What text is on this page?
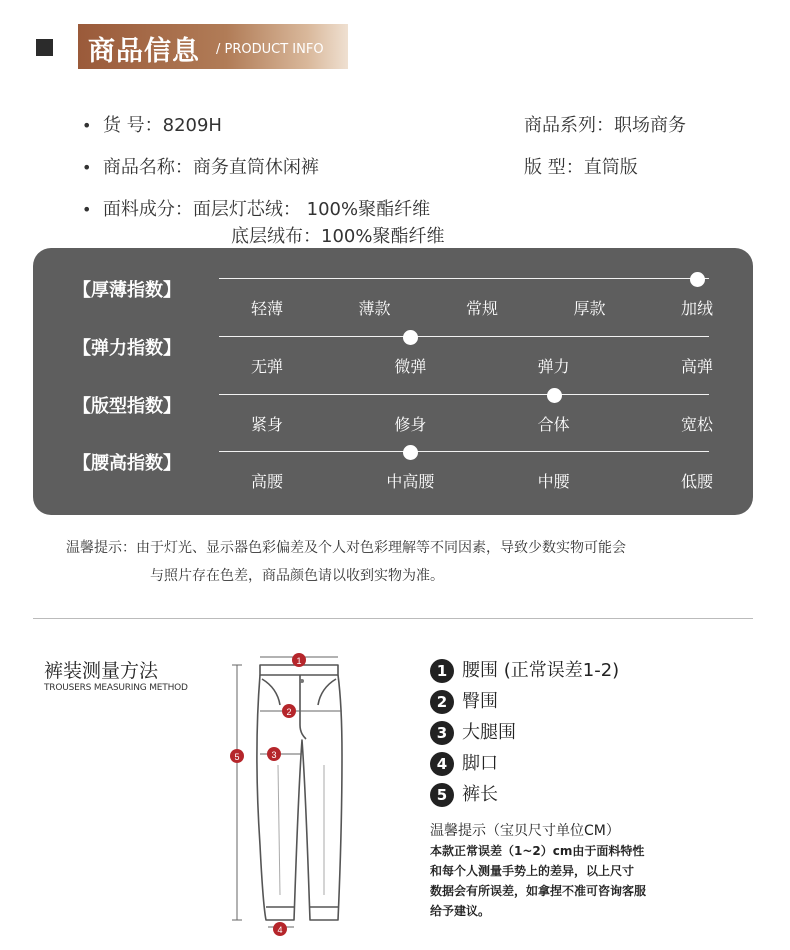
商品信息 / PRODUCT INFO
• 货 号：8209H	商品系列：职场商务
• 商品名称：商务直筒休闲裤	版 型：直筒版
• 面料成分：面层灯芯绒： 100%聚酯纤维
底层绒布：100%聚酯纤维
【厚薄指数】
轻薄	薄款	常规	厚款	加绒
【弹力指数】
无弹	微弹	弹力	高弹
【版型指数】
紧身	修身	合体	宽松
【腰高指数】
高腰	中高腰	中腰	低腰
温馨提示：由于灯光、显示器色彩偏差及个人对色彩理解等不同因素，导致少数实物可能会
与照片存在色差，商品颜色请以收到实物为准。
裤装测量方法
TROUSERS MEASURING METHOD
1
2
3
4
5
1 腰围 (正常误差1-2)
2 臀围
3 大腿围
4 脚口
5 裤长
温馨提示（宝贝尺寸单位CM）
本款正常误差（1~2）cm由于面料特性
和每个人测量手势上的差异，以上尺寸
数据会有所误差，如拿捏不准可咨询客服
给予建议。
